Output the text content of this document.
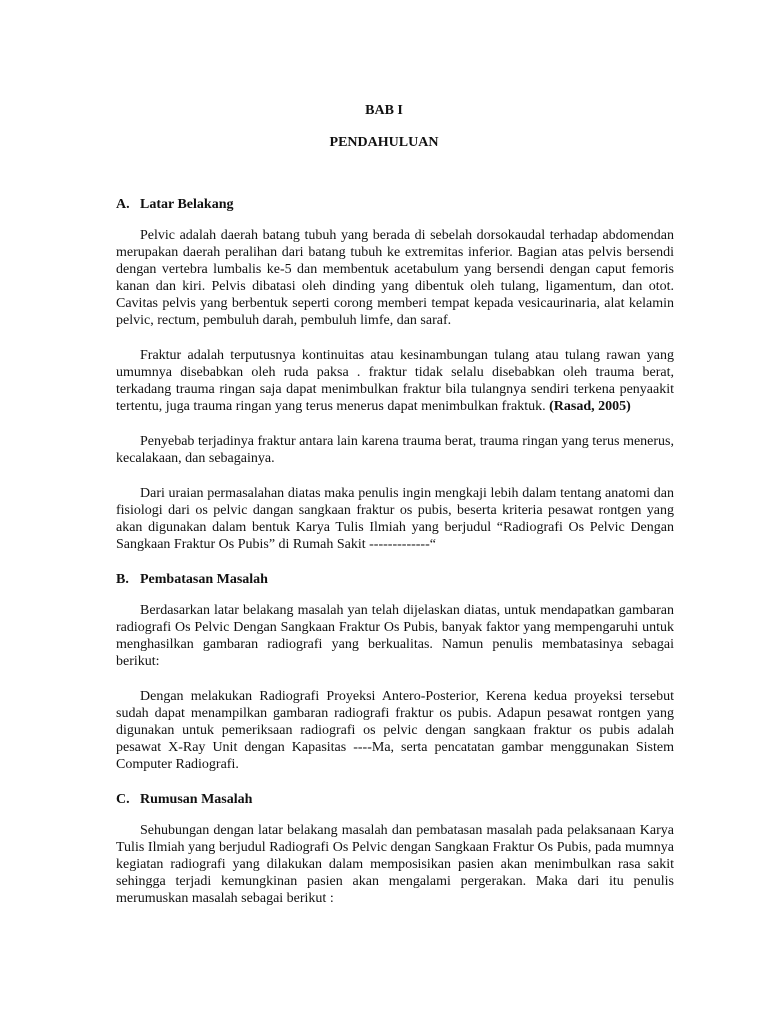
BAB I

PENDAHULUAN

A. Latar Belakang

Pelvic adalah daerah batang tubuh yang berada di sebelah dorsokaudal terhadap abdomendan merupakan daerah peralihan dari batang tubuh ke extremitas inferior. Bagian atas pelvis bersendi dengan vertebra lumbalis ke-5 dan membentuk acetabulum yang bersendi dengan caput femoris kanan dan kiri. Pelvis dibatasi oleh dinding yang dibentuk oleh tulang, ligamentum, dan otot. Cavitas pelvis yang berbentuk seperti corong memberi tempat kepada vesicaurinaria, alat kelamin pelvic, rectum, pembuluh darah, pembuluh limfe, dan saraf.

Fraktur adalah terputusnya kontinuitas atau kesinambungan tulang atau tulang rawan yang umumnya disebabkan oleh ruda paksa . fraktur tidak selalu disebabkan oleh trauma berat, terkadang trauma ringan saja dapat menimbulkan fraktur bila tulangnya sendiri terkena penyaakit tertentu, juga trauma ringan yang terus menerus dapat menimbulkan fraktuk. (Rasad, 2005)

Penyebab terjadinya fraktur antara lain karena trauma berat, trauma ringan yang terus menerus, kecalakaan, dan sebagainya.

Dari uraian permasalahan diatas maka penulis ingin mengkaji lebih dalam tentang anatomi dan fisiologi dari os pelvic dangan sangkaan fraktur os pubis, beserta kriteria pesawat rontgen yang akan digunakan dalam bentuk Karya Tulis Ilmiah yang berjudul “Radiografi Os Pelvic Dengan Sangkaan Fraktur Os Pubis” di Rumah Sakit -------------“

B. Pembatasan Masalah

Berdasarkan latar belakang masalah yan telah dijelaskan diatas, untuk mendapatkan gambaran radiografi Os Pelvic Dengan Sangkaan Fraktur Os Pubis, banyak faktor yang mempengaruhi untuk menghasilkan gambaran radiografi yang berkualitas. Namun penulis membatasinya sebagai berikut:

Dengan melakukan Radiografi Proyeksi Antero-Posterior, Kerena kedua proyeksi tersebut sudah dapat menampilkan gambaran radiografi fraktur os pubis. Adapun pesawat rontgen yang digunakan untuk pemeriksaan radiografi os pelvic dengan sangkaan fraktur os pubis adalah pesawat X-Ray Unit dengan Kapasitas ----Ma, serta pencatatan gambar menggunakan Sistem Computer Radiografi.

C. Rumusan Masalah

Sehubungan dengan latar belakang masalah dan pembatasan masalah pada pelaksanaan Karya Tulis Ilmiah yang berjudul Radiografi Os Pelvic dengan Sangkaan Fraktur Os Pubis, pada mumnya kegiatan radiografi yang dilakukan dalam memposisikan pasien akan menimbulkan rasa sakit sehingga terjadi kemungkinan pasien akan mengalami pergerakan. Maka dari itu penulis merumuskan masalah sebagai berikut :
